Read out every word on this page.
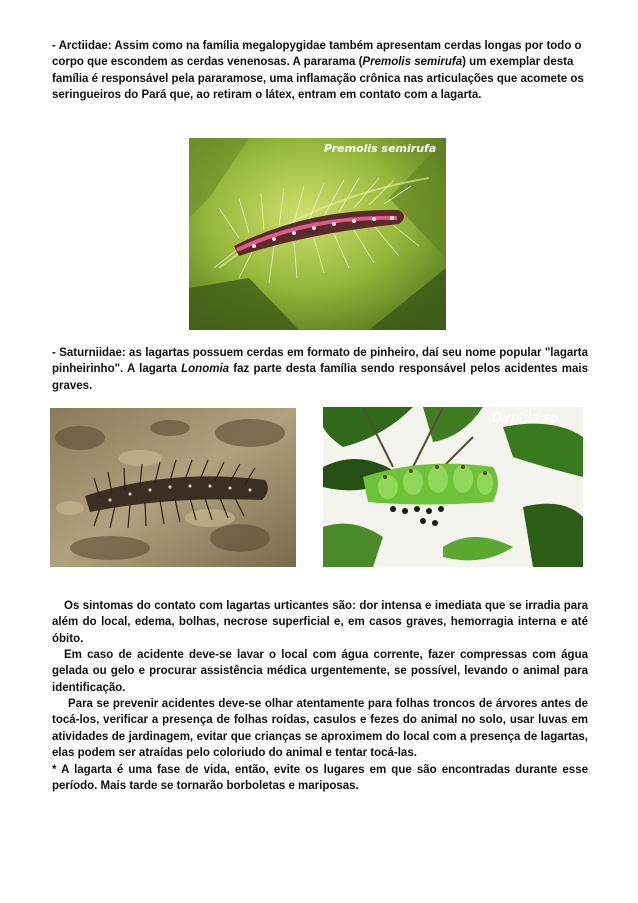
- Arctiidae: Assim como na família megalopygidae também apresentam cerdas longas por todo o corpo que escondem as cerdas venenosas. A pararama (Premolis semirufa) um exemplar desta família é responsável pela pararamose, uma inflamação crônica nas articulações que acomete os seringueiros do Pará que, ao retiram o látex, entram em contato com a lagarta.

Premolis semirufa

- Saturniidae: as lagartas possuem cerdas em formato de pinheiro, daí seu nome popular "lagarta pinheirinho". A lagarta Lonomia faz parte desta família sendo responsável pelos acidentes mais graves.

Dirphia sp.

Os sintomas do contato com lagartas urticantes são: dor intensa e imediata que se irradia para além do local, edema, bolhas, necrose superficial e, em casos graves, hemorragia interna e até óbito.

Em caso de acidente deve-se lavar o local com água corrente, fazer compressas com água gelada ou gelo e procurar assistência médica urgentemente, se possível, levando o animal para identificação.

Para se prevenir acidentes deve-se olhar atentamente para folhas troncos de árvores antes de tocá-los, verificar a presença de folhas roídas, casulos e fezes do animal no solo, usar luvas em atividades de jardinagem, evitar que crianças se aproximem do local com a presença de lagartas, elas podem ser atraídas pelo coloriudo do animal e tentar tocá-las.

* A lagarta é uma fase de vida, então, evite os lugares em que são encontradas durante esse período. Mais tarde se tornarão borboletas e mariposas.
